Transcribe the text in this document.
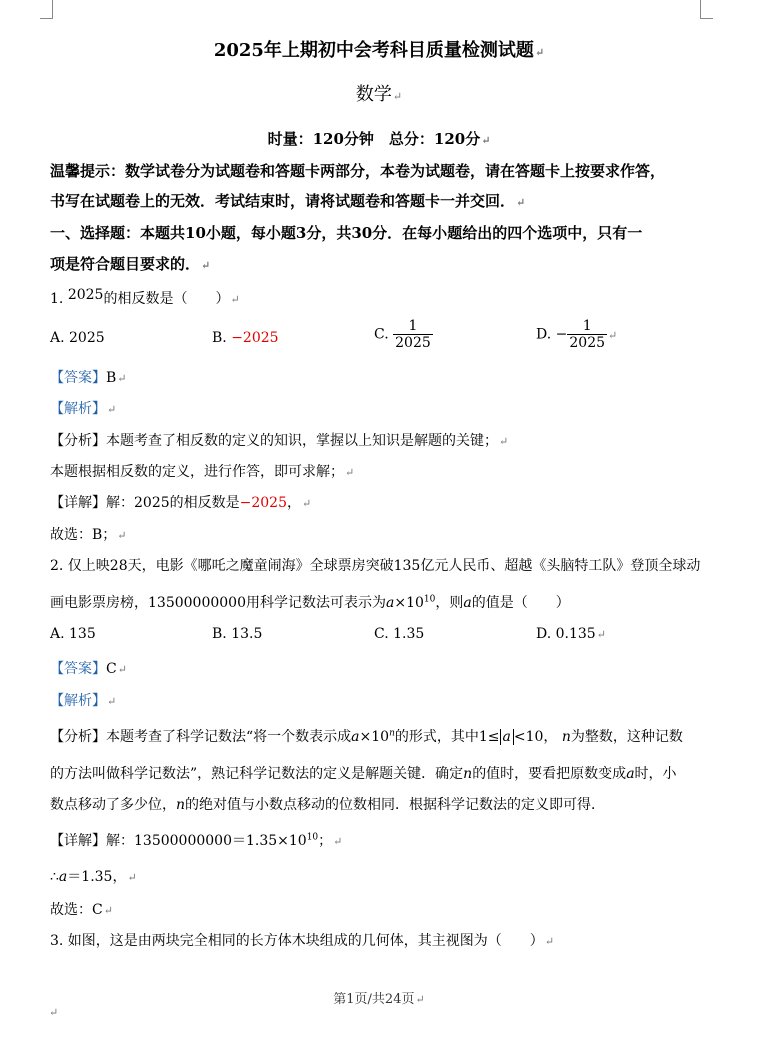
2025年上期初中会考科目质量检测试题↵
数学↵
时量：120分钟　总分：120分↵
温馨提示：数学试卷分为试题卷和答题卡两部分，本卷为试题卷，请在答题卡上按要求作答，
书写在试题卷上的无效．考试结束时，请将试题卷和答题卡一并交回．↵
一、选择题：本题共10小题，每小题3分，共30分．在每小题给出的四个选项中，只有一
项是符合题目要求的．↵
1. 2025的相反数是（　　）↵
A. 2025	B. −2025	C. $\frac{1}{2025}$	D. − $\frac{1}{2025}$ ↵
【答案】B↵
【解析】↵
【分析】本题考查了相反数的定义的知识，掌握以上知识是解题的关键；↵
本题根据相反数的定义，进行作答，即可求解；↵
【详解】解：2025的相反数是−2025，↵
故选：B；↵
2. 仅上映28天，电影《哪吒之魔童闹海》全球票房突破135亿元人民币、超越《头脑特工队》登顶全球动
画电影票房榜，13500000000用科学记数法可表示为$a\times 10^{10}$，则a的值是（　　）
A. 135	B. 13.5	C. 1.35	D. 0.135↵
【答案】C↵
【解析】↵
【分析】本题考查了科学记数法“将一个数表示成$a\times 10^n$的形式，其中1≤ a <10， n为整数，这种记数
的方法叫做科学记数法”，熟记科学记数法的定义是解题关键．确定n的值时，要看把原数变成a时，小
数点移动了多少位，n的绝对值与小数点移动的位数相同．根据科学记数法的定义即可得．
【详解】解：$13500000000=1.35\times 10^{10}$；↵
∴a＝1.35，↵
故选：C↵
3. 如图，这是由两块完全相同的长方体木块组成的几何体，其主视图为（　　）↵
第1页/共24页↵
↵
